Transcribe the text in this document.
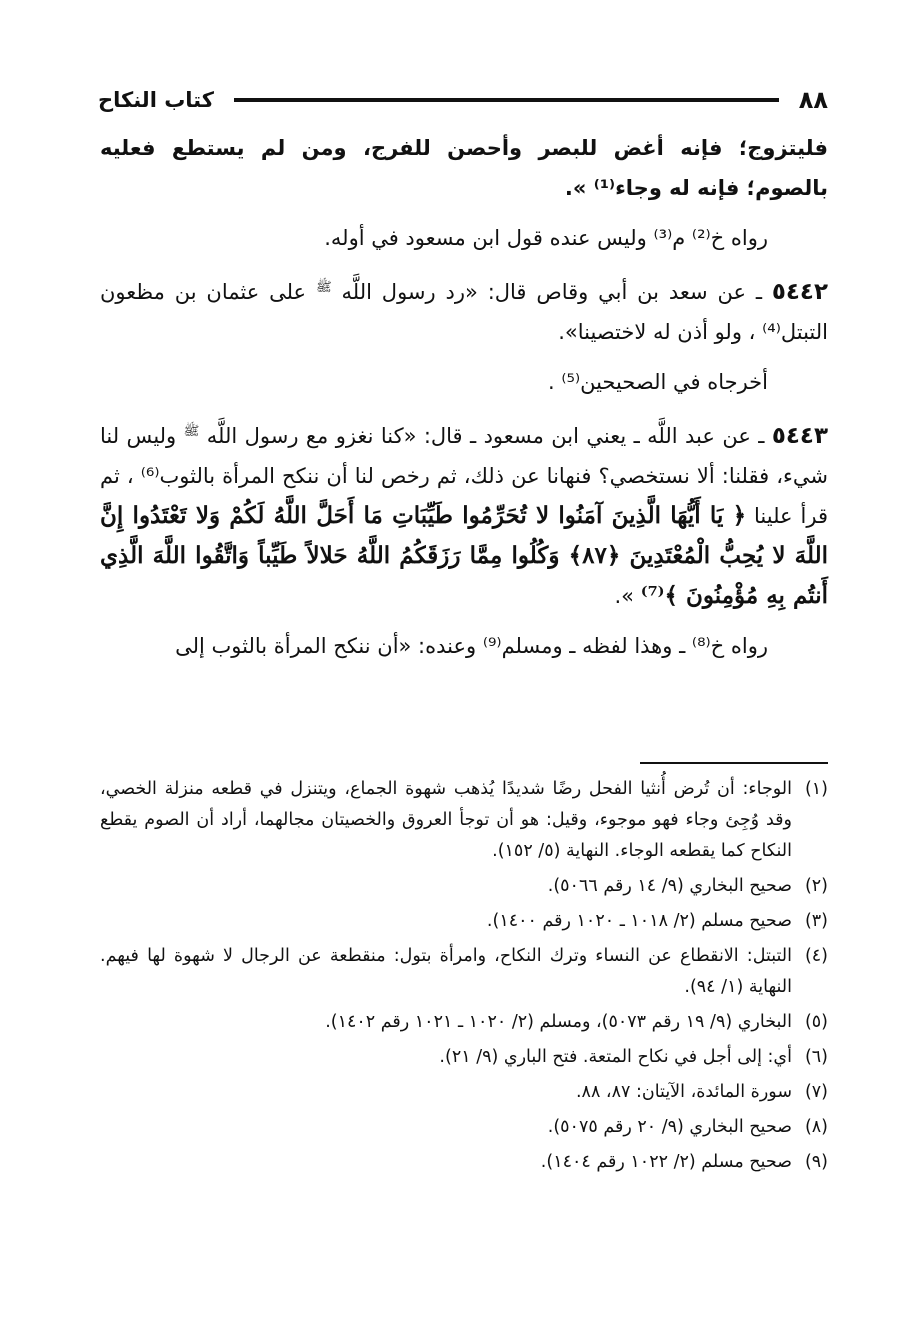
٨٨
كتاب النكاح

فليتزوج؛ فإنه أغض للبصر وأحصن للفرج، ومن لم يستطع فعليه بالصوم؛ فإنه له وجاء⁽¹⁾ ».

رواه خ⁽²⁾ م⁽³⁾ وليس عنده قول ابن مسعود في أوله.

٥٤٤٢ ـ عن سعد بن أبي وقاص قال: «رد رسول اللَّه $^ﷺ$ على عثمان بن مظعون التبتل⁽⁴⁾ ، ولو أذن له لاختصينا».

أخرجاه في الصحيحين⁽⁵⁾ .

٥٤٤٣ ـ عن عبد اللَّه ـ يعني ابن مسعود ـ قال: «كنا نغزو مع رسول اللَّه $^ﷺ$ وليس لنا شيء، فقلنا: ألا نستخصي؟ فنهانا عن ذلك، ثم رخص لنا أن ننكح المرأة بالثوب⁽⁶⁾ ، ثم قرأ علينا ﴿ يَا أَيُّهَا الَّذِينَ آمَنُوا لا تُحَرِّمُوا طَيِّبَاتِ مَا أَحَلَّ اللَّهُ لَكُمْ وَلا تَعْتَدُوا إِنَّ اللَّهَ لا يُحِبُّ الْمُعْتَدِينَ ﴿٨٧﴾ وَكُلُوا مِمَّا رَزَقَكُمُ اللَّهُ حَلالاً طَيِّباً وَاتَّقُوا اللَّهَ الَّذِي أَنتُم بِهِ مُؤْمِنُونَ ﴾⁽⁷⁾ ».

رواه خ⁽⁸⁾ ـ وهذا لفظه ـ ومسلم⁽⁹⁾ وعنده: «أن ننكح المرأة بالثوب إلى

(١)الوجاء: أن تُرض أُنثيا الفحل رضًا شديدًا يُذهب شهوة الجماع، ويتنزل في قطعه منزلة الخصي، وقد وُجِئ وجاء فهو موجوء، وقيل: هو أن توجأ العروق والخصيتان مجالهما، أراد أن الصوم يقطع النكاح كما يقطعه الوجاء. النهاية (٥/ ١٥٢).

(٢)صحيح البخاري (٩/ ١٤ رقم ٥٠٦٦).

(٣)صحيح مسلم (٢/ ١٠١٨ ـ ١٠٢٠ رقم ١٤٠٠).

(٤)التبتل: الانقطاع عن النساء وترك النكاح، وامرأة بتول: منقطعة عن الرجال لا شهوة لها فيهم. النهاية (١/ ٩٤).

(٥)البخاري (٩/ ١٩ رقم ٥٠٧٣)، ومسلم (٢/ ١٠٢٠ ـ ١٠٢١ رقم ١٤٠٢).

(٦)أي: إلى أجل في نكاح المتعة. فتح الباري (٩/ ٢١).

(٧)سورة المائدة، الآيتان: ٨٧، ٨٨.

(٨)صحيح البخاري (٩/ ٢٠ رقم ٥٠٧٥).

(٩)صحيح مسلم (٢/ ١٠٢٢ رقم ١٤٠٤).
